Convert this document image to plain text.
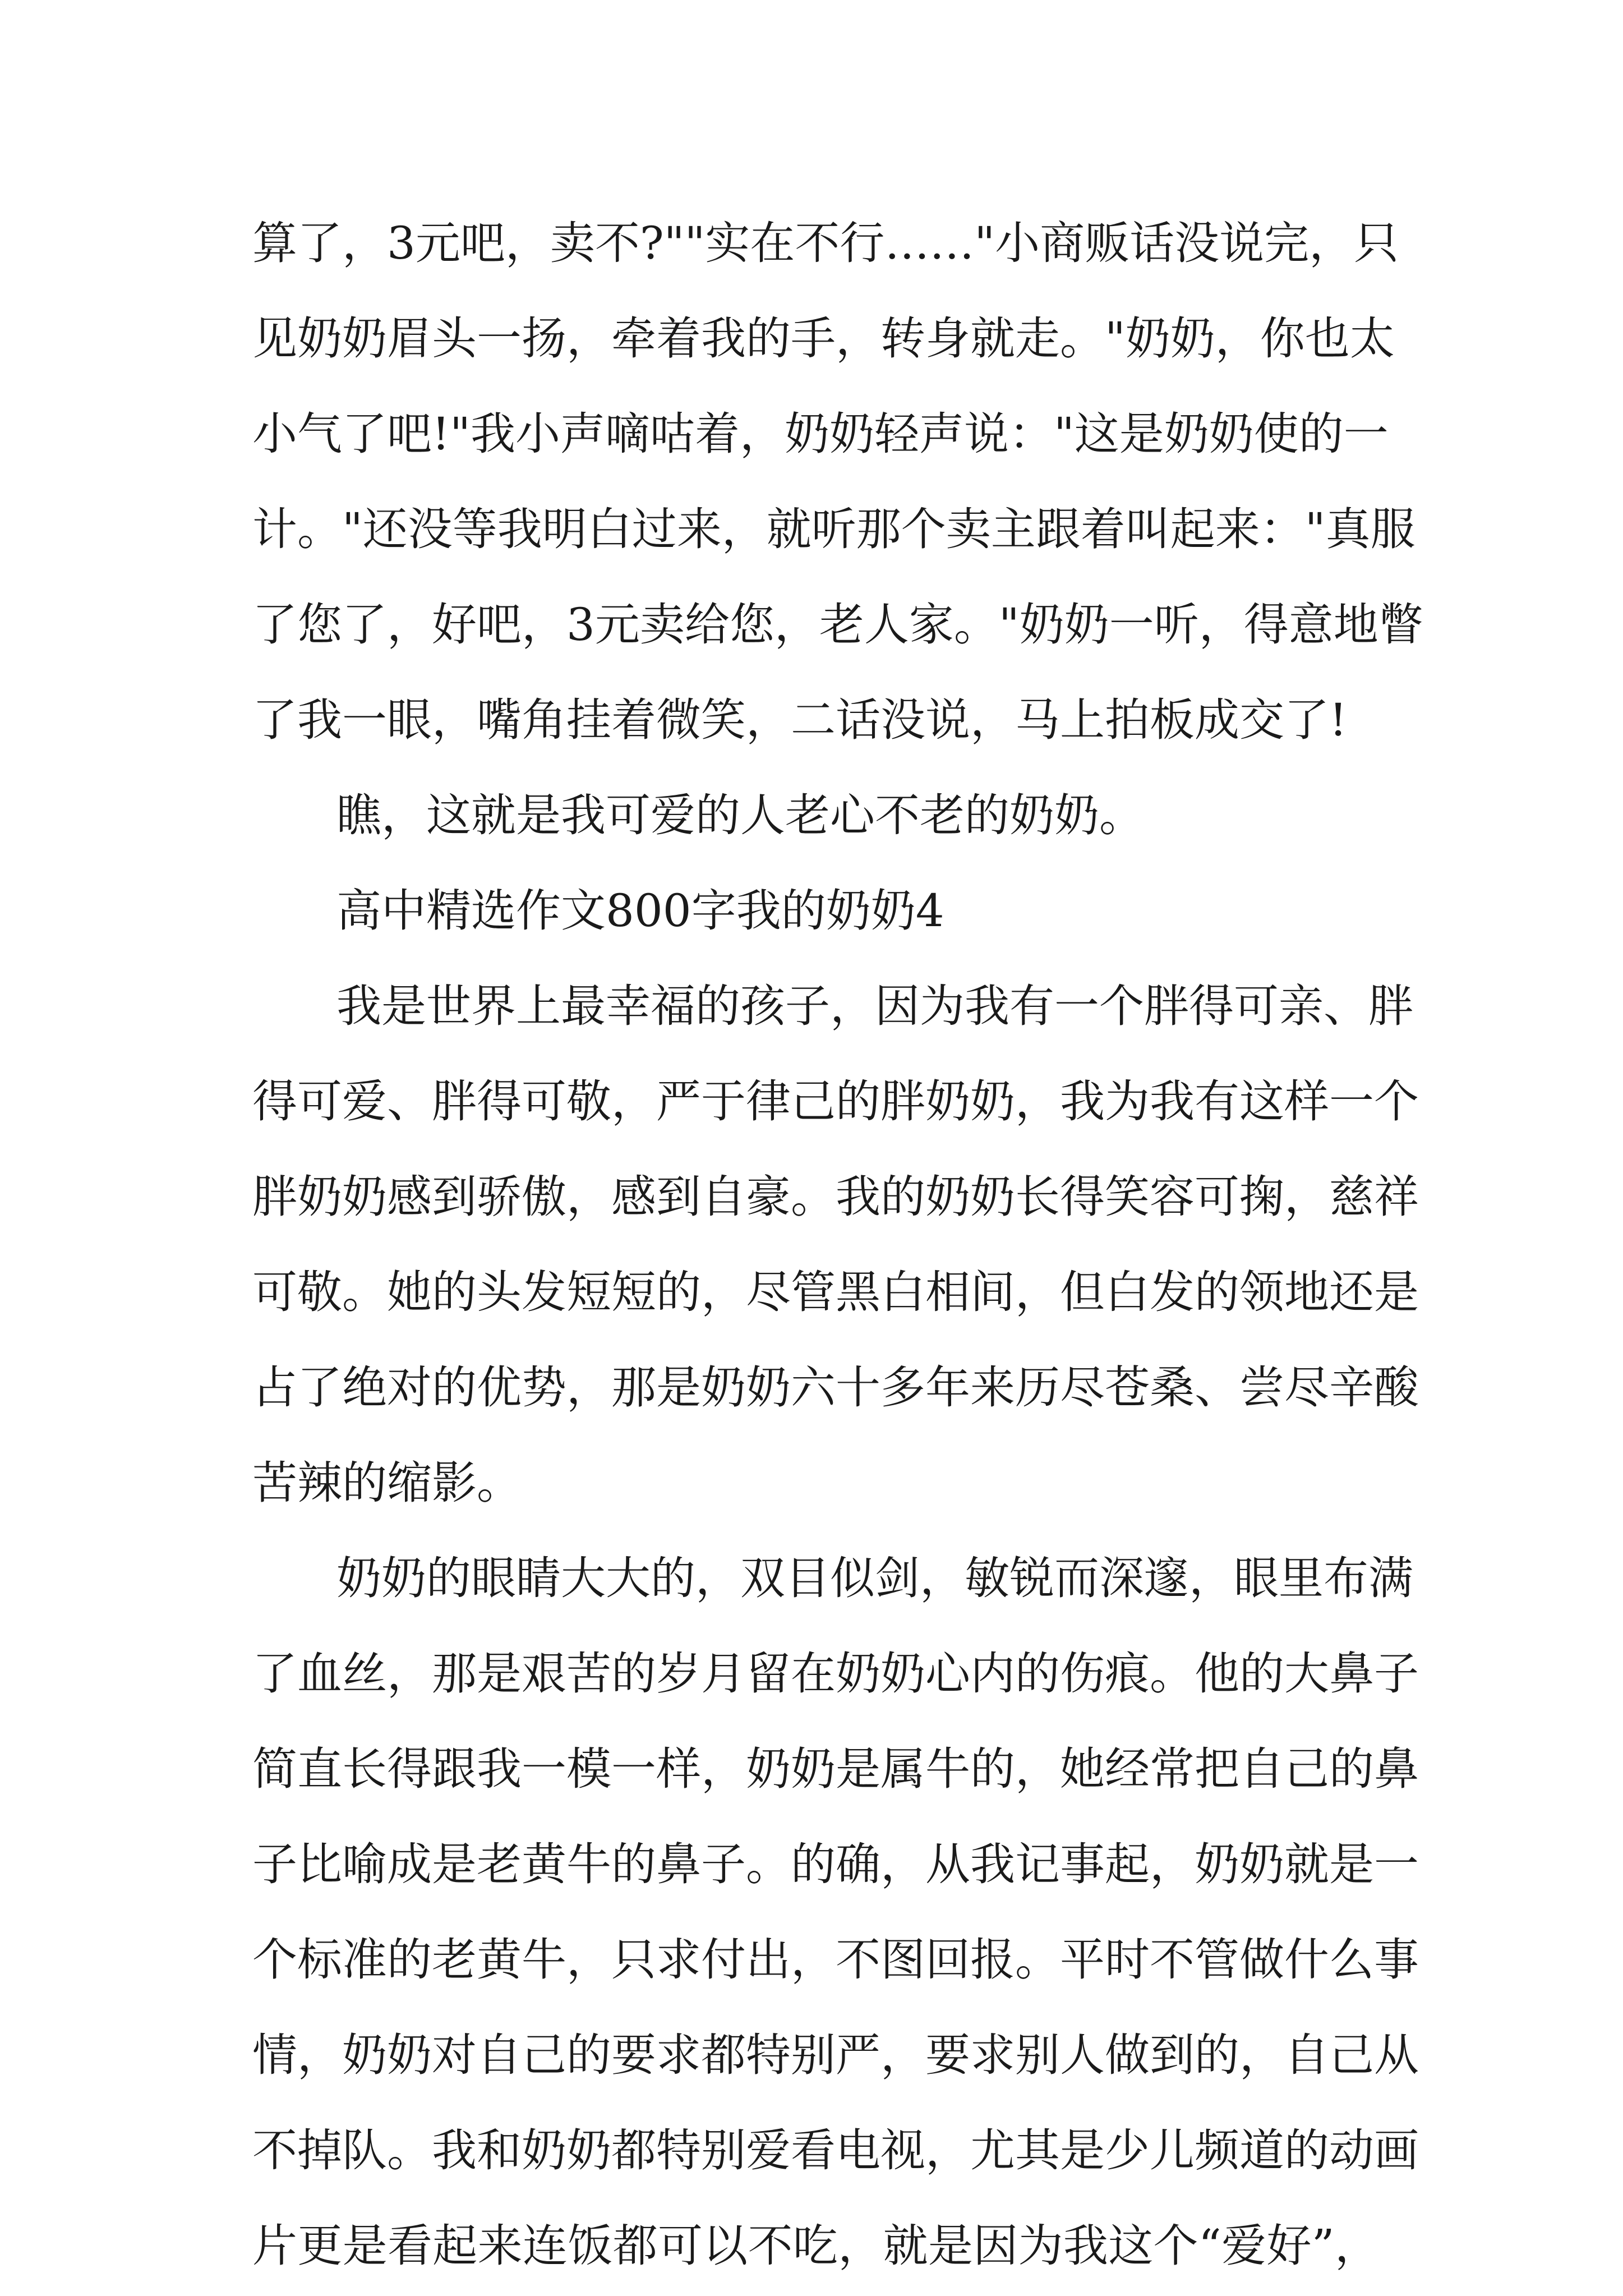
算了，3元吧，卖不?""实在不行……"小商贩话没说完，只
见奶奶眉头一扬，牵着我的手，转身就走。"奶奶，你也太
小气了吧!"我小声嘀咕着，奶奶轻声说："这是奶奶使的一
计。"还没等我明白过来，就听那个卖主跟着叫起来："真服
了您了，好吧，3元卖给您，老人家。"奶奶一听，得意地瞥
了我一眼，嘴角挂着微笑，二话没说，马上拍板成交了!
瞧，这就是我可爱的人老心不老的奶奶。
高中精选作文800字我的奶奶4
我是世界上最幸福的孩子，因为我有一个胖得可亲、胖
得可爱、胖得可敬，严于律己的胖奶奶，我为我有这样一个
胖奶奶感到骄傲，感到自豪。我的奶奶长得笑容可掬，慈祥
可敬。她的头发短短的，尽管黑白相间，但白发的领地还是
占了绝对的优势，那是奶奶六十多年来历尽苍桑、尝尽辛酸
苦辣的缩影。
奶奶的眼睛大大的，双目似剑，敏锐而深邃，眼里布满
了血丝，那是艰苦的岁月留在奶奶心内的伤痕。他的大鼻子
简直长得跟我一模一样，奶奶是属牛的，她经常把自己的鼻
子比喻成是老黄牛的鼻子。的确，从我记事起，奶奶就是一
个标准的老黄牛，只求付出，不图回报。平时不管做什么事
情，奶奶对自己的要求都特别严，要求别人做到的，自己从
不掉队。我和奶奶都特别爱看电视，尤其是少儿频道的动画
片更是看起来连饭都可以不吃，就是因为我这个“爱好”，
